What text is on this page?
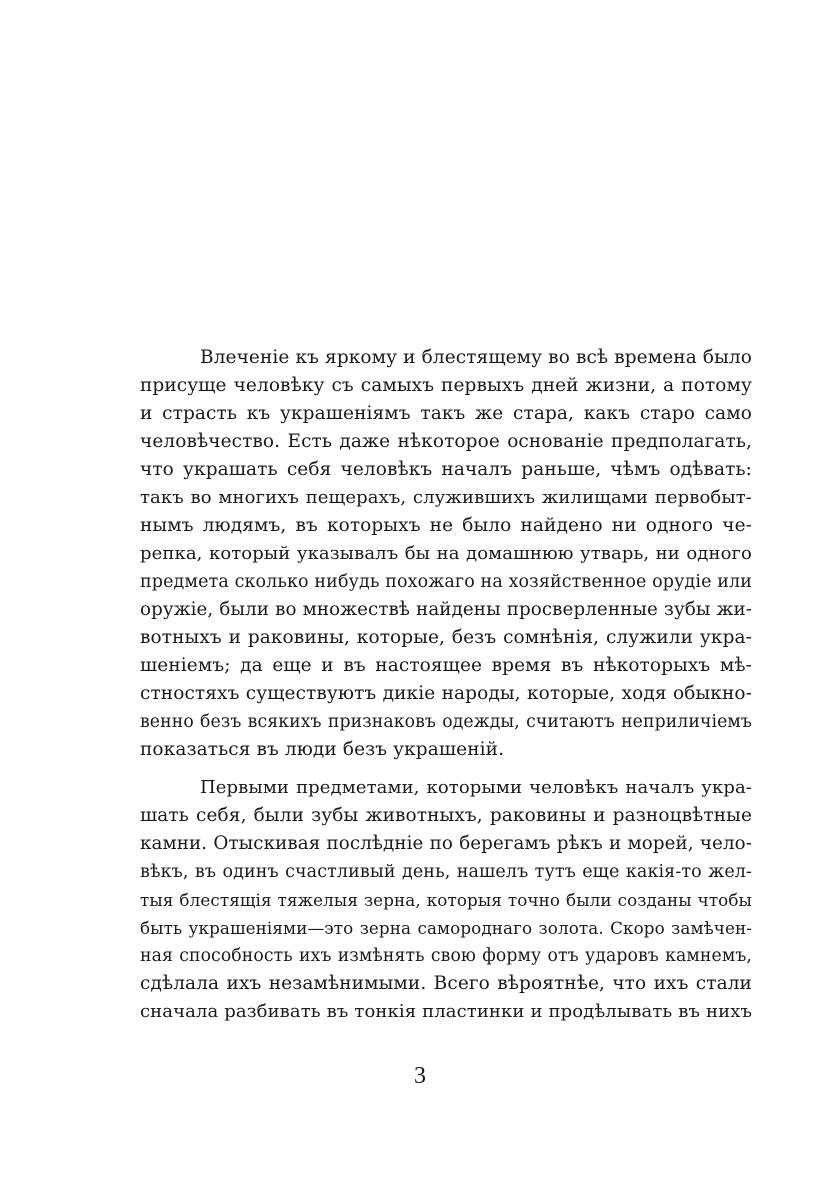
Влеченіе къ яркому и блестящему во всѣ времена было
присуще человѣку съ самыхъ первыхъ дней жизни, а потому
и страсть къ украшеніямъ такъ же стара, какъ старо само
человѣчество. Есть даже нѣкоторое основаніе предполагать,
что украшать себя человѣкъ началъ раньше, чѣмъ одѣвать:
такъ во многихъ пещерахъ, служившихъ жилищами первобыт-
нымъ людямъ, въ которыхъ не было найдено ни одного че-
репка, который указывалъ бы на домашнюю утварь, ни одного
предмета сколько нибудь похожаго на хозяйственное орудіе или
оружіе, были во множествѣ найдены просверленные зубы жи-
вотныхъ и раковины, которые, безъ сомнѣнія, служили укра-
шеніемъ; да еще и въ настоящее время въ нѣкоторыхъ мѣ-
стностяхъ существуютъ дикіе народы, которые, ходя обыкно-
венно безъ всякихъ признаковъ одежды, считаютъ неприличіемъ
показаться въ люди безъ украшеній.
Первыми предметами, которыми человѣкъ началъ укра-
шать себя, были зубы животныхъ, раковины и разноцвѣтные
камни. Отыскивая послѣдніе по берегамъ рѣкъ и морей, чело-
вѣкъ, въ одинъ счастливый день, нашелъ тутъ еще какія-то жел-
тыя блестящія тяжелыя зерна, которыя точно были созданы чтобы
быть украшеніями—это зерна самороднаго золота. Скоро замѣчен-
ная способность ихъ измѣнять свою форму отъ ударовъ камнемъ,
сдѣлала ихъ незамѣнимыми. Всего вѣроятнѣе, что ихъ стали
сначала разбивать въ тонкія пластинки и продѣлывать въ нихъ
3
